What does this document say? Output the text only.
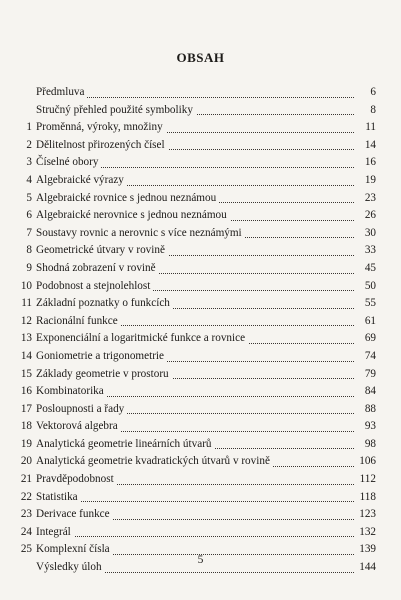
OBSAH
Předmluva	6
Stručný přehled použité symboliky	8
1 Proměnná, výroky, množiny	11
2 Dělitelnost přirozených čísel	14
3 Číselné obory	16
4 Algebraické výrazy	19
5 Algebraické rovnice s jednou neznámou	23
6 Algebraické nerovnice s jednou neznámou	26
7 Soustavy rovnic a nerovnic s více neznámými	30
8 Geometrické útvary v rovině	33
9 Shodná zobrazení v rovině	45
10 Podobnost a stejnolehlost	50
11 Základní poznatky o funkcích	55
12 Racionální funkce	61
13 Exponenciální a logaritmické funkce a rovnice	69
14 Goniometrie a trigonometrie	74
15 Základy geometrie v prostoru	79
16 Kombinatorika	84
17 Posloupnosti a řady	88
18 Vektorová algebra	93
19 Analytická geometrie lineárních útvarů	98
20 Analytická geometrie kvadratických útvarů v rovině	106
21 Pravděpodobnost	112
22 Statistika	118
23 Derivace funkce	123
24 Integrál	132
25 Komplexní čísla	139
Výsledky úloh	144
5
